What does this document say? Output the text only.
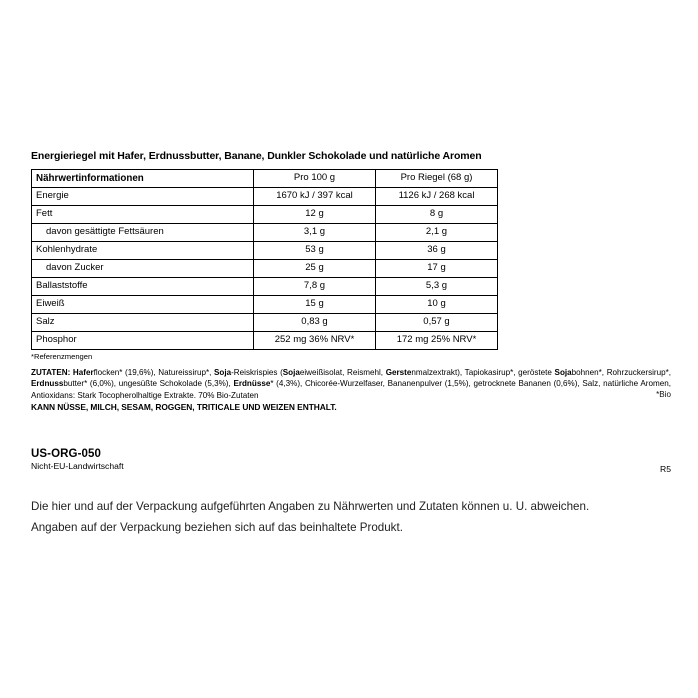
Energieriegel mit Hafer, Erdnussbutter, Banane, Dunkler Schokolade und natürliche Aromen
Nährwertinformationen	Pro 100 g	Pro Riegel (68 g)
Energie	1670 kJ / 397 kcal	1126 kJ / 268 kcal
Fett	12 g	8 g
davon gesättigte Fettsäuren	3,1 g	2,1 g
Kohlenhydrate	53 g	36 g
davon Zucker	25 g	17 g
Ballaststoffe	7,8 g	5,3 g
Eiweiß	15 g	10 g
Salz	0,83 g	0,57 g
Phosphor	252 mg 36% NRV*	172 mg 25% NRV*
*Referenzmengen
ZUTATEN: Haferflocken* (19,6%), Natureissirup*, Soja-Reiskrispies (Sojaeiweißisolat, Reismehl, Gerstenmalzextrakt), Tapiokasirup*, geröstete Sojabohnen*, Rohrzuckersirup*, Erdnussbutter* (6,0%), ungesüßte Schokolade (5,3%), Erdnüsse* (4,3%), Chicorée-Wurzelfaser, Bananenpulver (1,5%), getrocknete Bananen (0,6%), Salz, natürliche Aromen, Antioxidans: Stark Tocopherolhaltige Extrakte. 70% Bio-Zutaten	*Bio
KANN NÜSSE, MILCH, SESAM, ROGGEN, TRITICALE UND WEIZEN ENTHALT.
US-ORG-050
Nicht-EU-Landwirtschaft	R5

Die hier und auf der Verpackung aufgeführten Angaben zu Nährwerten und Zutaten können u. U. abweichen.

Angaben auf der Verpackung beziehen sich auf das beinhaltete Produkt.
